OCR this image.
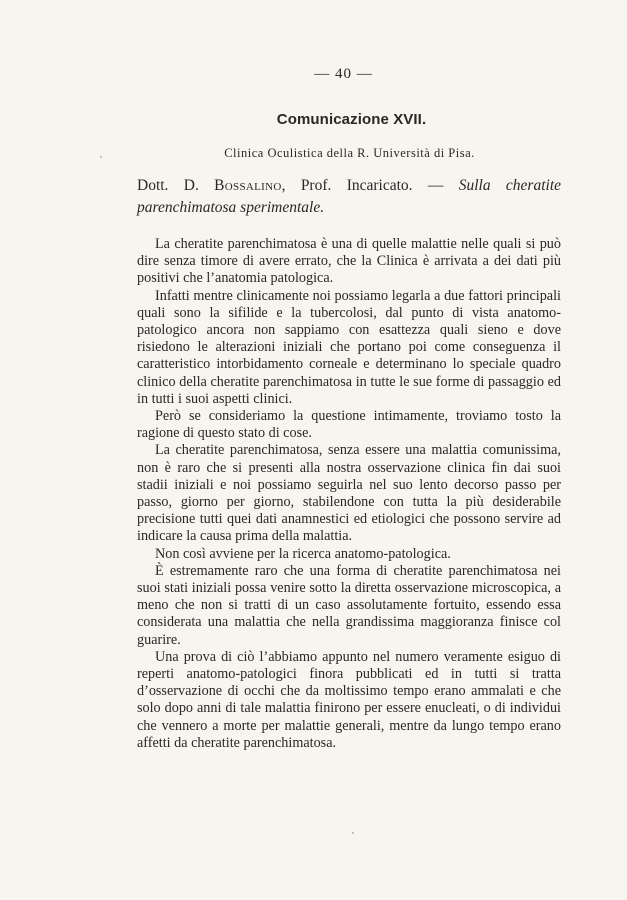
— 40 —
Comunicazione XVII.
Clinica Oculistica della R. Università di Pisa.
Dott. D. Bossalino, Prof. Incaricato. — Sulla cheratite parenchimatosa sperimentale.

La cheratite parenchimatosa è una di quelle malattie nelle quali si può dire senza timore di avere errato, che la Clinica è arrivata a dei dati più positivi che l’anatomia patologica.

Infatti mentre clinicamente noi possiamo legarla a due fattori principali quali sono la sifilide e la tubercolosi, dal punto di vista anatomo-patologico ancora non sappiamo con esattezza quali sieno e dove risiedono le alterazioni iniziali che portano poi come conseguenza il caratteristico intorbidamento corneale e determinano lo speciale quadro clinico della cheratite parenchimatosa in tutte le sue forme di passaggio ed in tutti i suoi aspetti clinici.

Però se consideriamo la questione intimamente, troviamo tosto la ragione di questo stato di cose.

La cheratite parenchimatosa, senza essere una malattia comunissima, non è raro che si presenti alla nostra osservazione clinica fin dai suoi stadii iniziali e noi possiamo seguirla nel suo lento decorso passo per passo, giorno per giorno, stabilendone con tutta la più desiderabile precisione tutti quei dati anamnestici ed etiologici che possono servire ad indicare la causa prima della malattia.

Non così avviene per la ricerca anatomo-patologica.

È estremamente raro che una forma di cheratite parenchimatosa nei suoi stati iniziali possa venire sotto la diretta osservazione microscopica, a meno che non si tratti di un caso assolutamente fortuito, essendo essa considerata una malattia che nella grandissima maggioranza finisce col guarire.

Una prova di ciò l’abbiamo appunto nel numero veramente esiguo di reperti anatomo-patologici finora pubblicati ed in tutti si tratta d’osservazione di occhi che da moltissimo tempo erano ammalati e che solo dopo anni di tale malattia finirono per essere enucleati, o di individui che vennero a morte per malattie generali, mentre da lungo tempo erano affetti da cheratite parenchimatosa.
